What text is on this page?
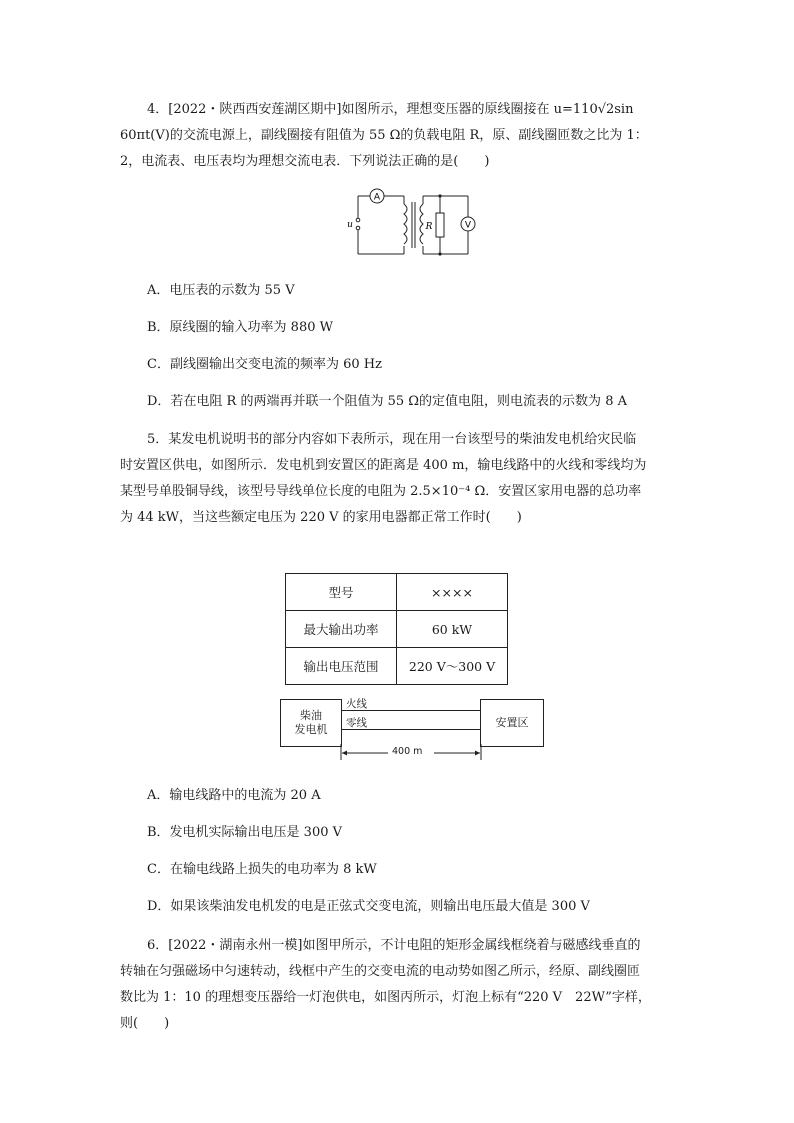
4．[2022・陕西西安莲湖区期中]如图所示，理想变压器的原线圈接在 u=110√2sin
60πt(V)的交流电源上，副线圈接有阻值为 55 Ω的负载电阻 R，原、副线圈匝数之比为 1：
2，电流表、电压表均为理想交流电表．下列说法正确的是(　　)
A
V
R
u
A．电压表的示数为 55 V
B．原线圈的输入功率为 880 W
C．副线圈输出交变电流的频率为 60 Hz
D．若在电阻 R 的两端再并联一个阻值为 55 Ω的定值电阻，则电流表的示数为 8 A
5．某发电机说明书的部分内容如下表所示，现在用一台该型号的柴油发电机给灾民临
时安置区供电，如图所示．发电机到安置区的距离是 400 m，输电线路中的火线和零线均为
某型号单股铜导线，该型号导线单位长度的电阻为 2.5×10⁻⁴ Ω．安置区家用电器的总功率
为 44 kW，当这些额定电压为 220 V 的家用电器都正常工作时(　　)
型号	××××
最大输出功率	60 kW
输出电压范围	220 V～300 V
柴油
发电机
安置区
火线
零线
400 m
A．输电线路中的电流为 20 A
B．发电机实际输出电压是 300 V
C．在输电线路上损失的电功率为 8 kW
D．如果该柴油发电机发的电是正弦式交变电流，则输出电压最大值是 300 V
6．[2022・湖南永州一模]如图甲所示，不计电阻的矩形金属线框绕着与磁感线垂直的
转轴在匀强磁场中匀速转动，线框中产生的交变电流的电动势如图乙所示，经原、副线圈匝
数比为 1：10 的理想变压器给一灯泡供电，如图丙所示，灯泡上标有“220 V　22W”字样，
则(　　)
